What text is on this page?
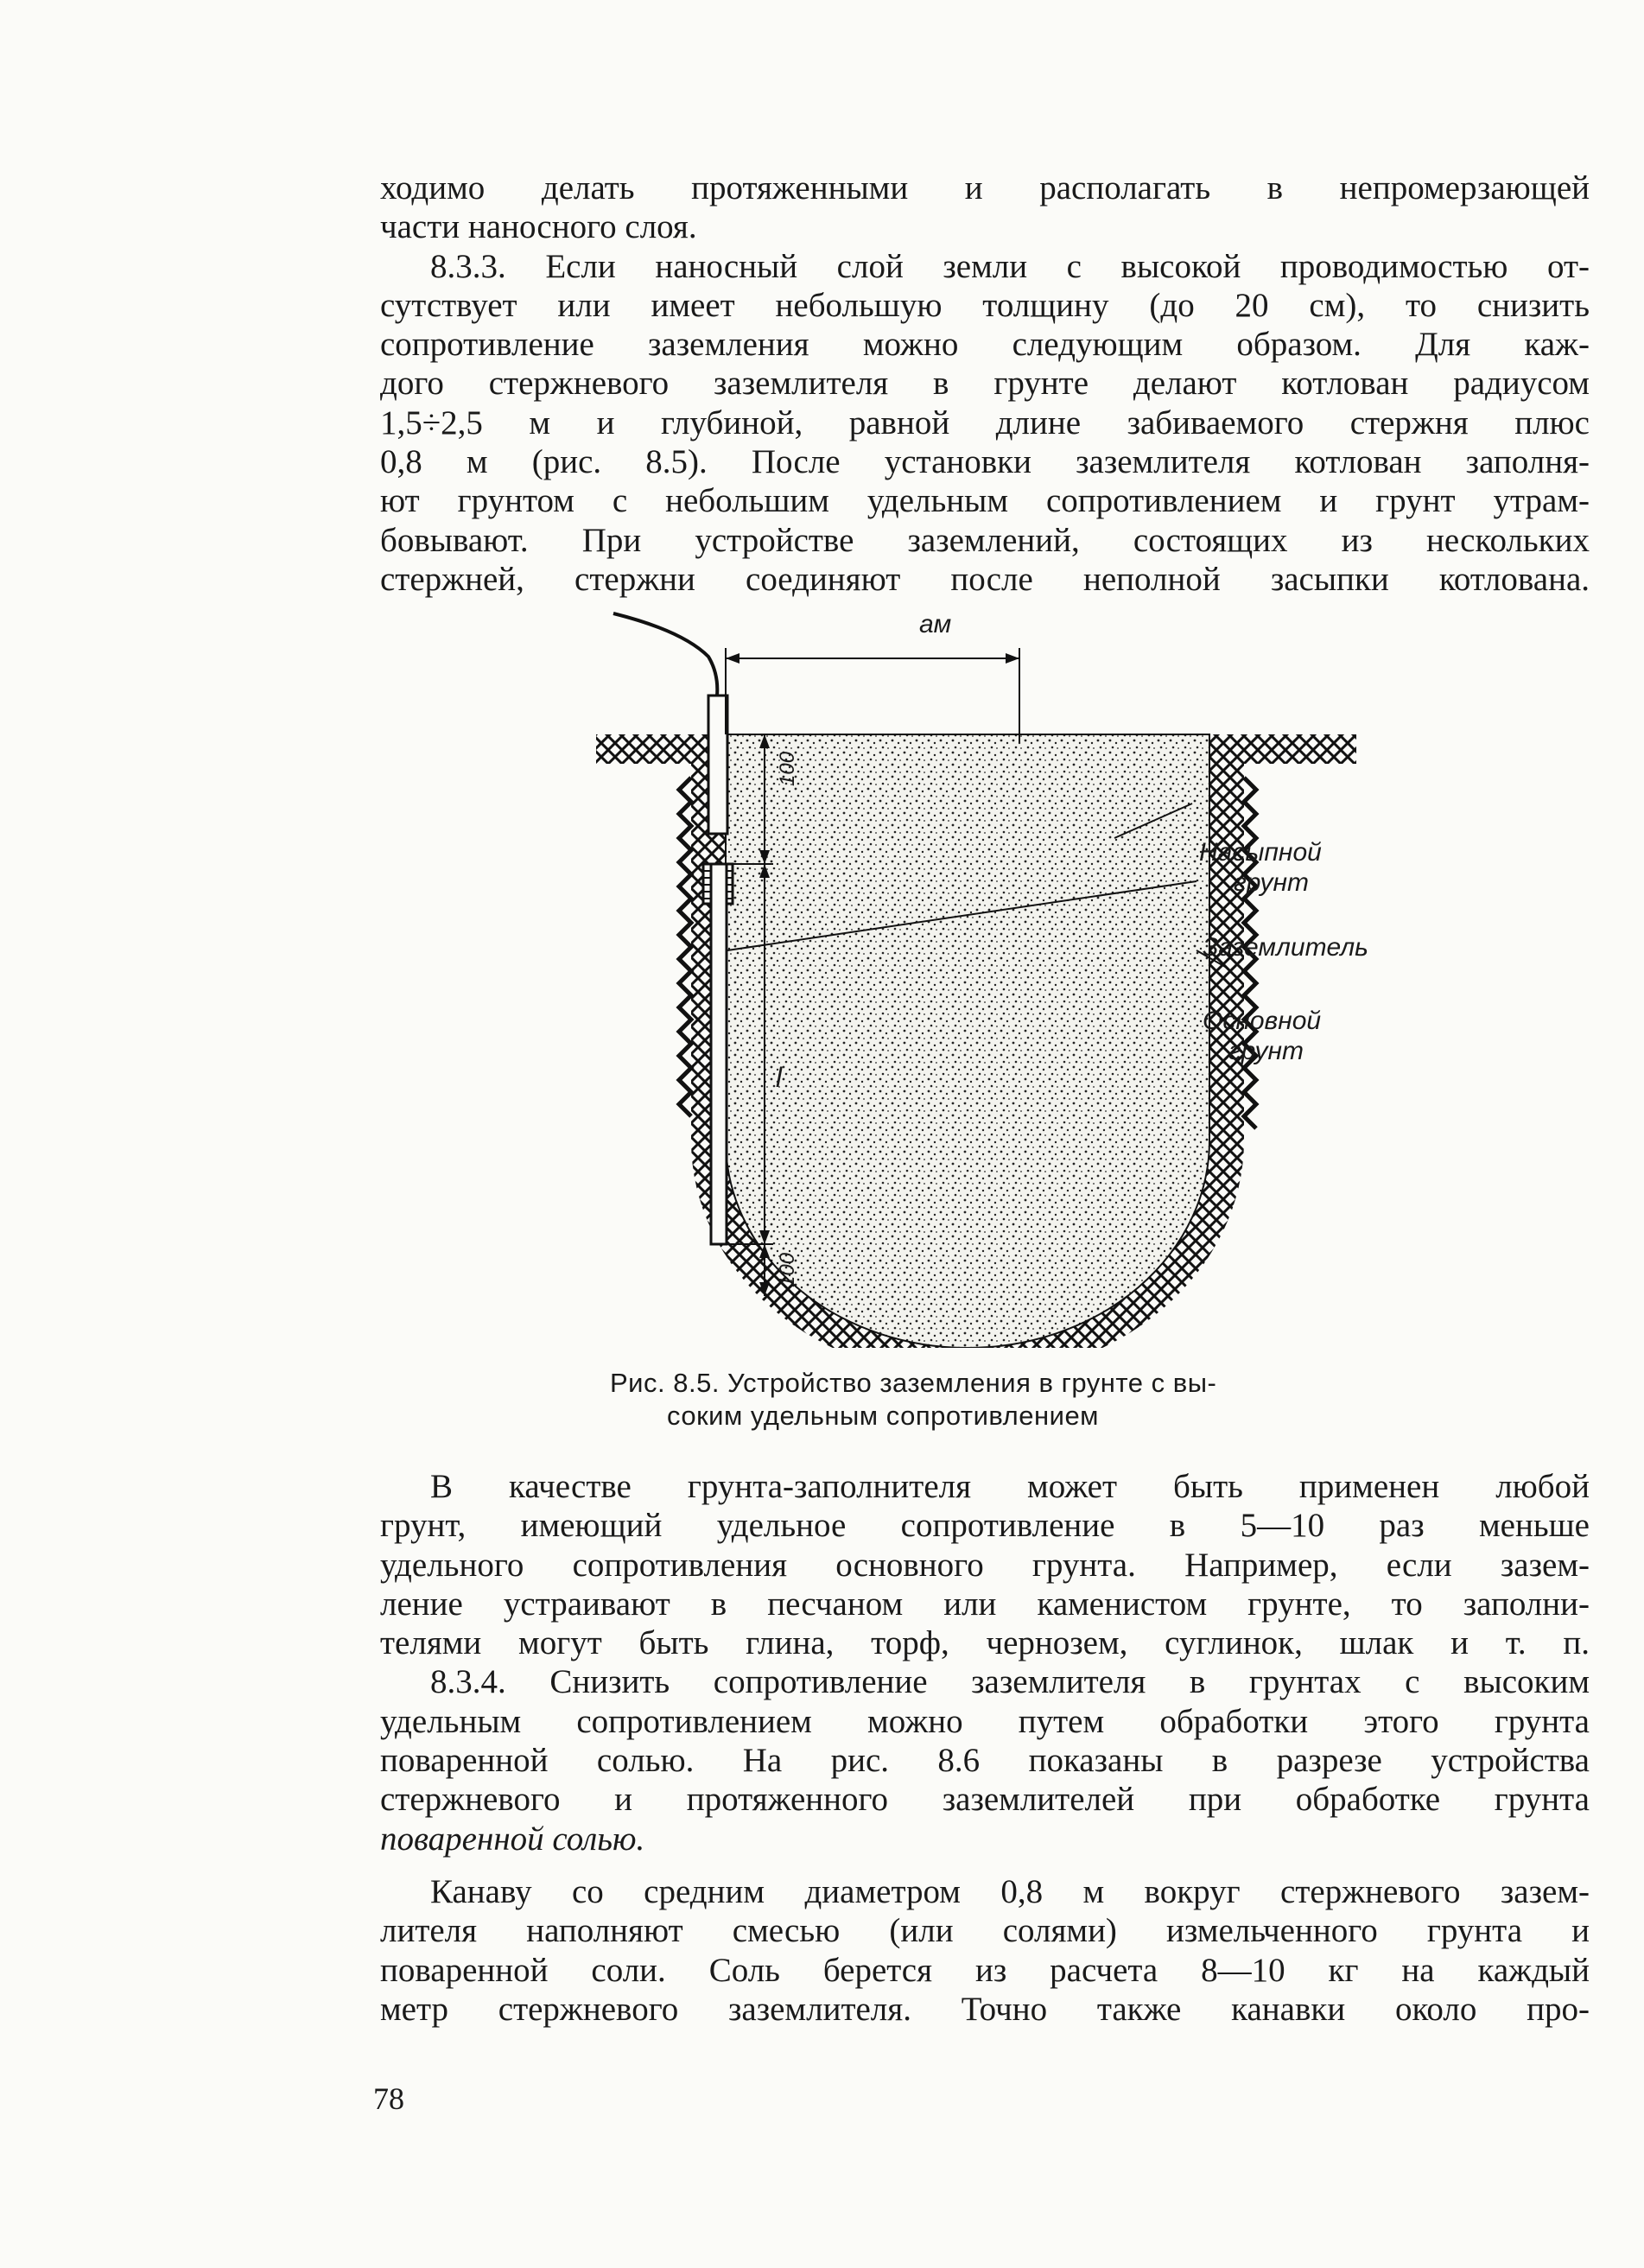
ходимо делать протяженными и располагать в непромерзающей
части наносного слоя.

8.3.3. Если наносный слой земли с высокой проводимостью от-
сутствует или имеет небольшую толщину (до 20 см), то снизить
сопротивление заземления можно следующим образом. Для каж-
дого стержневого заземлителя в грунте делают котлован радиусом
1,5÷2,5 м и глубиной, равной длине забиваемого стержня плюс
0,8 м (рис. 8.5). После установки заземлителя котлован заполня-
ют грунтом с небольшим удельным сопротивлением и грунт утрам-
бовывают. При устройстве заземлений, состоящих из нескольких
стержней, стержни соединяют после неполной засыпки котлована.

aм
Насыпной
грунт
Заземлитель
Основной
грунт
100
l
100
Рис. 8.5. Устройство заземления в грунте с вы-
соким удельным сопротивлением

В качестве грунта-заполнителя может быть применен любой
грунт, имеющий удельное сопротивление в 5—10 раз меньше
удельного сопротивления основного грунта. Например, если зазем-
ление устраивают в песчаном или каменистом грунте, то заполни-
телями могут быть глина, торф, чернозем, суглинок, шлак и т. п.

8.3.4. Снизить сопротивление заземлителя в грунтах с высоким
удельным сопротивлением можно путем обработки этого грунта
поваренной солью. На рис. 8.6 показаны в разрезе устройства
стержневого и протяженного заземлителей при обработке грунта
поваренной солью.

Канаву со средним диаметром 0,8 м вокруг стержневого зазем-
лителя наполняют смесью (или солями) измельченного грунта и
поваренной соли. Соль берется из расчета 8—10 кг на каждый
метр стержневого заземлителя. Точно также канавки около про-

78
